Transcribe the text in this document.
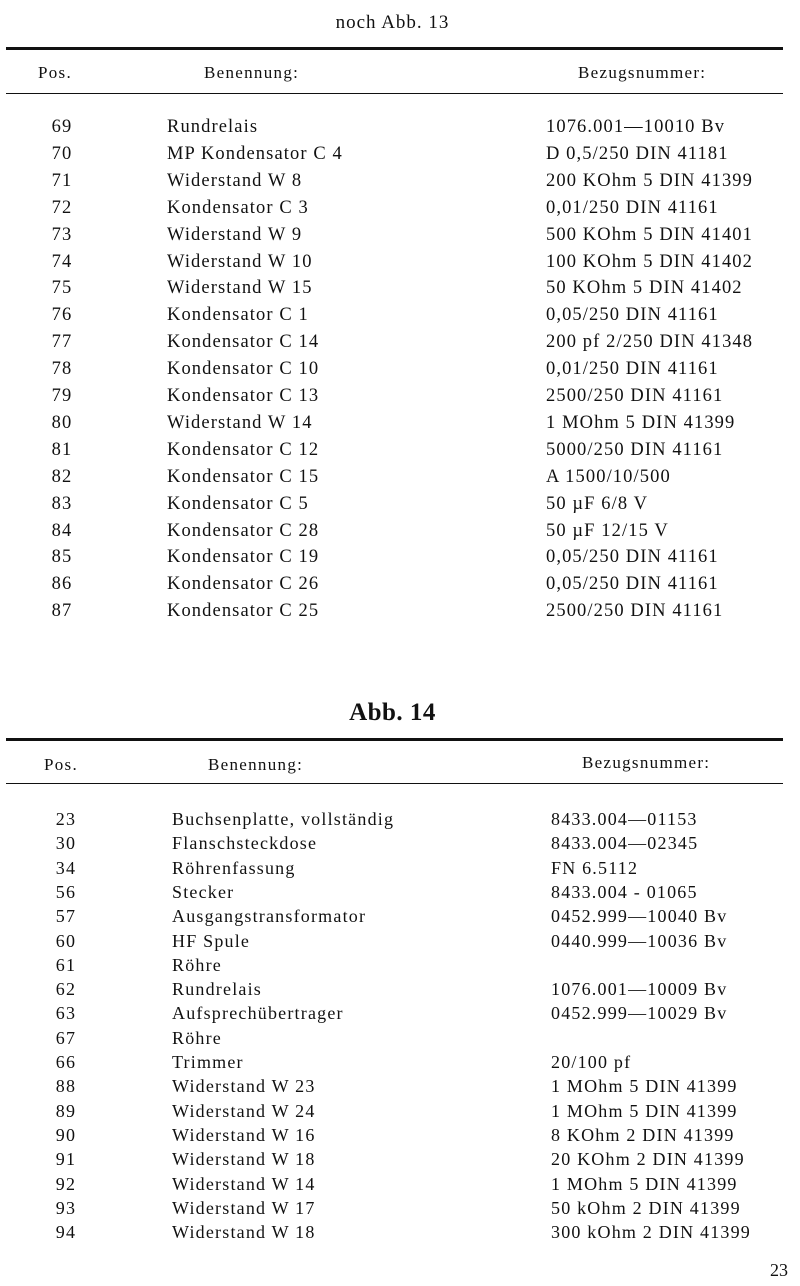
noch Abb. 13
Pos.	Benennung:	Bezugsnummer:
69	Rundrelais	1076.001—10010 Bv
70	MP Kondensator C 4	D 0,5/250 DIN 41181
71	Widerstand W 8	200 KOhm 5 DIN 41399
72	Kondensator C 3	0,01/250 DIN 41161
73	Widerstand W 9	500 KOhm 5 DIN 41401
74	Widerstand W 10	100 KOhm 5 DIN 41402
75	Widerstand W 15	50 KOhm 5 DIN 41402
76	Kondensator C 1	0,05/250 DIN 41161
77	Kondensator C 14	200 pf 2/250 DIN 41348
78	Kondensator C 10	0,01/250 DIN 41161
79	Kondensator C 13	2500/250 DIN 41161
80	Widerstand W 14	1 MOhm 5 DIN 41399
81	Kondensator C 12	5000/250 DIN 41161
82	Kondensator C 15	A 1500/10/500
83	Kondensator C 5	50 µF 6/8 V
84	Kondensator C 28	50 µF 12/15 V
85	Kondensator C 19	0,05/250 DIN 41161
86	Kondensator C 26	0,05/250 DIN 41161
87	Kondensator C 25	2500/250 DIN 41161
Abb. 14
Pos.	Benennung:	Bezugsnummer:
23	Buchsenplatte, vollständig	8433.004—01153
30	Flanschsteckdose	8433.004—02345
34	Röhrenfassung	FN 6.5112
56	Stecker	8433.004 - 01065
57	Ausgangstransformator	0452.999—10040 Bv
60	HF Spule	0440.999—10036 Bv
61	Röhre
62	Rundrelais	1076.001—10009 Bv
63	Aufsprechübertrager	0452.999—10029 Bv
67	Röhre
66	Trimmer	20/100 pf
88	Widerstand W 23	1 MOhm 5 DIN 41399
89	Widerstand W 24	1 MOhm 5 DIN 41399
90	Widerstand W 16	8 KOhm 2 DIN 41399
91	Widerstand W 18	20 KOhm 2 DIN 41399
92	Widerstand W 14	1 MOhm 5 DIN 41399
93	Widerstand W 17	50 kOhm 2 DIN 41399
94	Widerstand W 18	300 kOhm 2 DIN 41399
23
